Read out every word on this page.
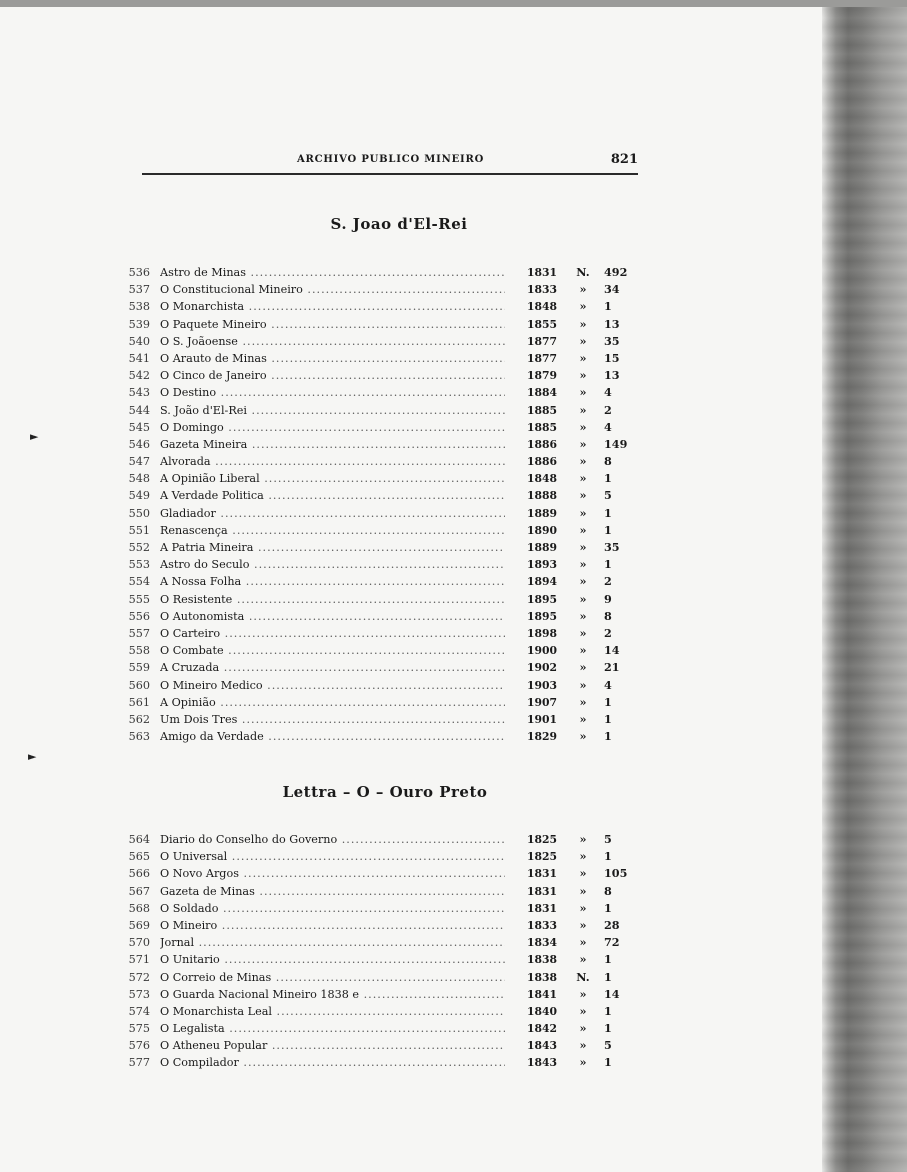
ARCHIVO PUBLICO MINEIRO	821
S. Joao d'El-Rei
536 Astro de Minas .....	1831 N. 492
537 O Constitucional Mineiro .....	1833	»	34
538 O Monarchista .....	1848	»	1
539 O Paquete Mineiro .....	1855	»	13
540 O S. Joãoense .....	1877	»	35
541 O Arauto de Minas .....	1877	»	15
542 O Cinco de Janeiro .....	1879	»	13
543 O Destino .....	1884	»	4
544 S. João d'El-Rei .....	1885	»	2
545 O Domingo .....	1885	»	4
546 Gazeta Mineira .....	1886	»	149
547 Alvorada .....	1886	»	8
548 A Opinião Liberal .....	1848	»	1
549 A Verdade Politica .....	1888	»	5
550 Gladiador .....	1889	»	1
551 Renascença .....	1890	»	1
552 A Patria Mineira .....	1889	»	35
553 Astro do Seculo .....	1893	»	1
554 A Nossa Folha .....	1894	»	2
555 O Resistente .....	1895	»	9
556 O Autonomista .....	1895	»	8
557 O Carteiro .....	1898	»	2
558 O Combate .....	1900	»	14
559 A Cruzada .....	1902	»	21
560 O Mineiro Medico .....	1903	»	4
561 A Opinião .....	1907	»	1
562 Um Dois Tres .....	1901	»	1
563 Amigo da Verdade .....	1829	»	1
Lettra – O – Ouro Preto
564 Diario do Conselho do Governo .....	1825	»	5
565 O Universal .....	1825	»	1
566 O Novo Argos .....	1831	»	105
567 Gazeta de Minas .....	1831	»	8
568 O Soldado .....	1831	»	1
569 O Mineiro .....	1833	»	28
570 Jornal .....	1834	»	72
571 O Unitario .....	1838	»	1
572 O Correio de Minas .....	1838 N. 1
573 O Guarda Nacional Mineiro 1838 e .....	1841	»	14
574 O Monarchista Leal .....	1840	»	1
575 O Legalista .....	1842	»	1
576 O Atheneu Popular .....	1843	»	5
577 O Compilador .....	1843	»	1
►
►
